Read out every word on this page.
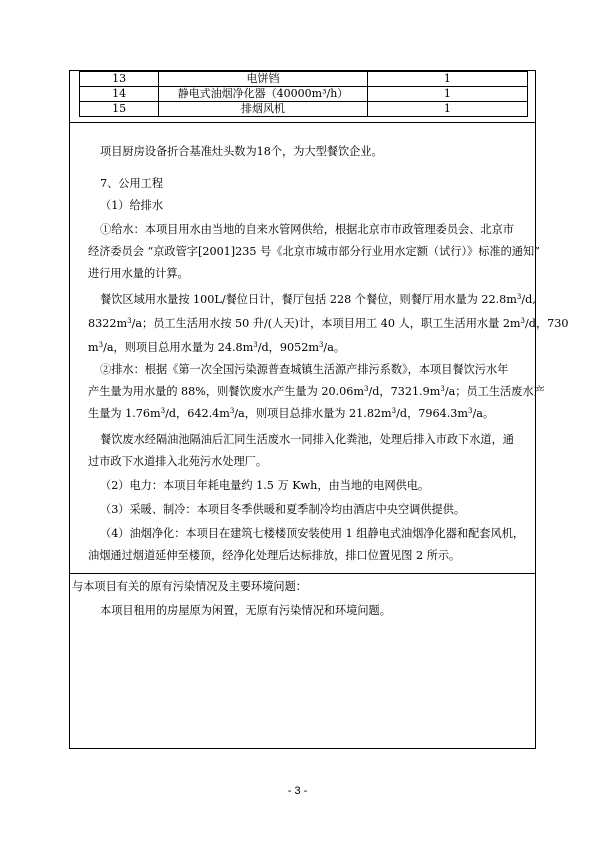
13	电饼铛	1
14	静电式油烟净化器（40000m³/h）	1
15	排烟风机	1
项目厨房设备折合基准灶头数为18个，为大型餐饮企业。
7、公用工程
（1）给排水
①给水：本项目用水由当地的自来水管网供给，根据北京市市政管理委员会、北京市
经济委员会 “京政管字[2001]235 号《北京市城市部分行业用水定额（试行）》标准的通知”
进行用水量的计算。
餐饮区域用水量按 100L/餐位日计，餐厅包括 228 个餐位，则餐厅用水量为 $22.8m^3/d$,
$8322m^3/a$；员工生活用水按 50 升/(人天)计，本项目用工 40 人，职工生活用水量 $2m^3/d$，730
$m^3/a$，则项目总用水量为 $24.8m^3/d$，$9052m^3/a$。
②排水：根据《第一次全国污染源普查城镇生活源产排污系数》，本项目餐饮污水年
产生量为用水量的 88%，则餐饮废水产生量为 $20.06m^3/d$，$7321.9m^3/a$；员工生活废水产
生量为 $1.76m^3/d$，$642.4m^3/a$，则项目总排水量为 $21.82m^3/d$，$7964.3m^3/a$。
餐饮废水经隔油池隔油后汇同生活废水一同排入化粪池，处理后排入市政下水道，通
过市政下水道排入北苑污水处理厂。
（2）电力：本项目年耗电量约 1.5 万 Kwh，由当地的电网供电。
（3）采暖、制冷：本项目冬季供暖和夏季制冷均由酒店中央空调供提供。
（4）油烟净化：本项目在建筑七楼楼顶安装使用 1 组静电式油烟净化器和配套风机，
油烟通过烟道延伸至楼顶，经净化处理后达标排放，排口位置见图 2 所示。
与本项目有关的原有污染情况及主要环境问题：
本项目租用的房屋原为闲置，无原有污染情况和环境问题。
- 3 -
